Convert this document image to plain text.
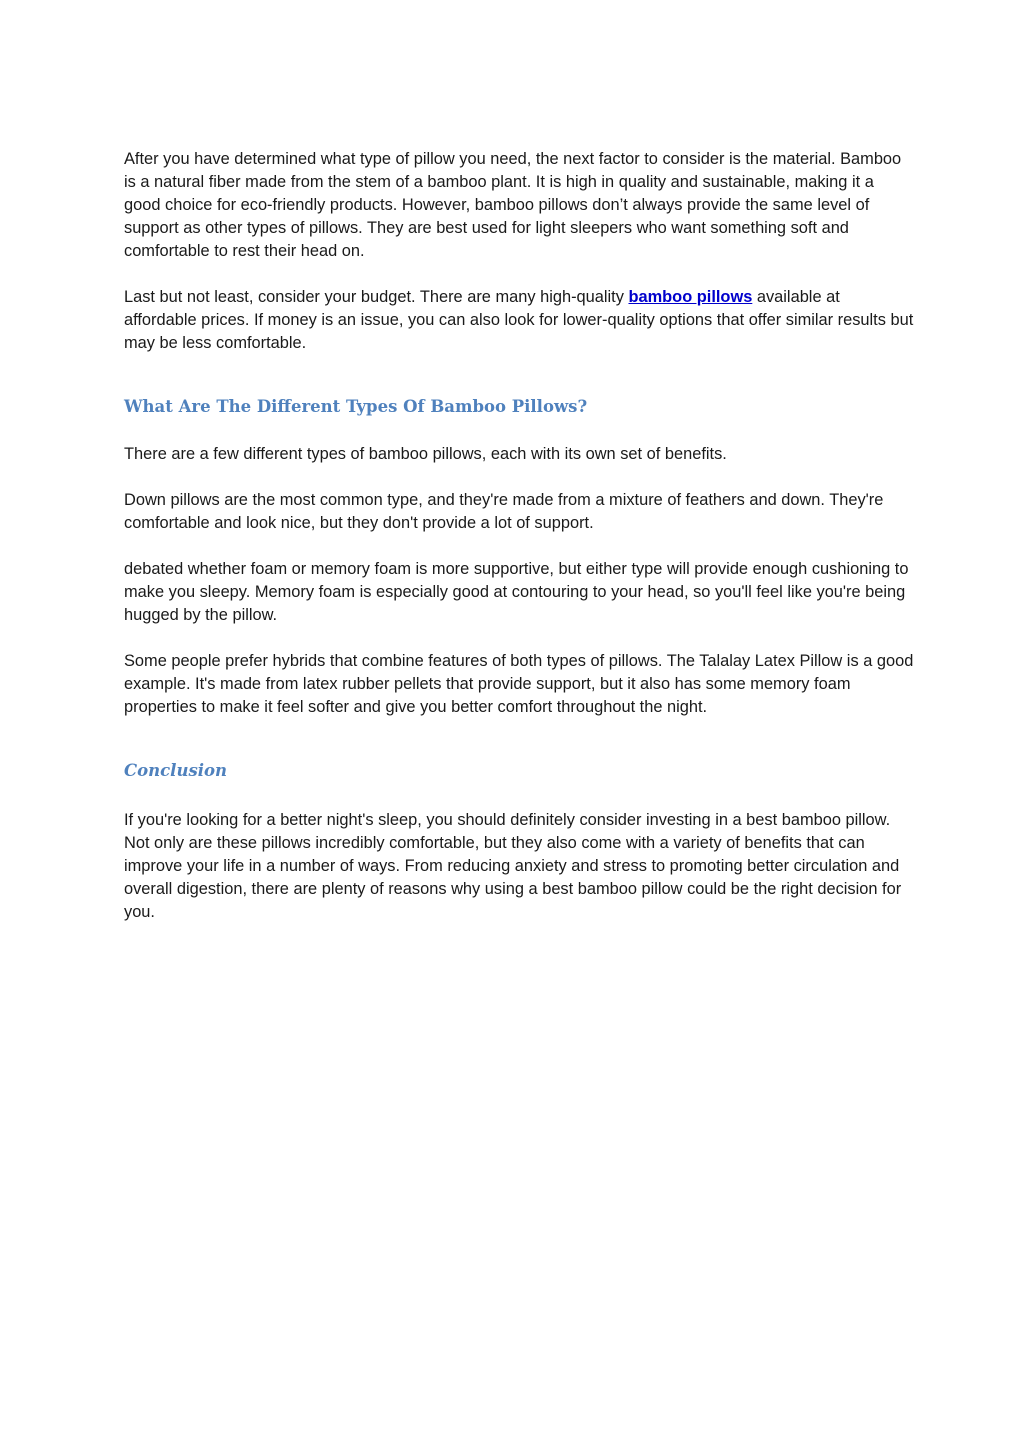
After you have determined what type of pillow you need, the next factor to consider is the material. Bamboo is a natural fiber made from the stem of a bamboo plant. It is high in quality and sustainable, making it a good choice for eco-friendly products. However, bamboo pillows don’t always provide the same level of support as other types of pillows. They are best used for light sleepers who want something soft and comfortable to rest their head on.

Last but not least, consider your budget. There are many high-quality bamboo pillows available at affordable prices. If money is an issue, you can also look for lower-quality options that offer similar results but may be less comfortable.

What Are The Different Types Of Bamboo Pillows?

There are a few different types of bamboo pillows, each with its own set of benefits.

Down pillows are the most common type, and they're made from a mixture of feathers and down. They're comfortable and look nice, but they don't provide a lot of support.

debated whether foam or memory foam is more supportive, but either type will provide enough cushioning to make you sleepy. Memory foam is especially good at contouring to your head, so you'll feel like you're being hugged by the pillow.

Some people prefer hybrids that combine features of both types of pillows. The Talalay Latex Pillow is a good example. It's made from latex rubber pellets that provide support, but it also has some memory foam properties to make it feel softer and give you better comfort throughout the night.

Conclusion

If you're looking for a better night's sleep, you should definitely consider investing in a best bamboo pillow. Not only are these pillows incredibly comfortable, but they also come with a variety of benefits that can improve your life in a number of ways. From reducing anxiety and stress to promoting better circulation and overall digestion, there are plenty of reasons why using a best bamboo pillow could be the right decision for you.
